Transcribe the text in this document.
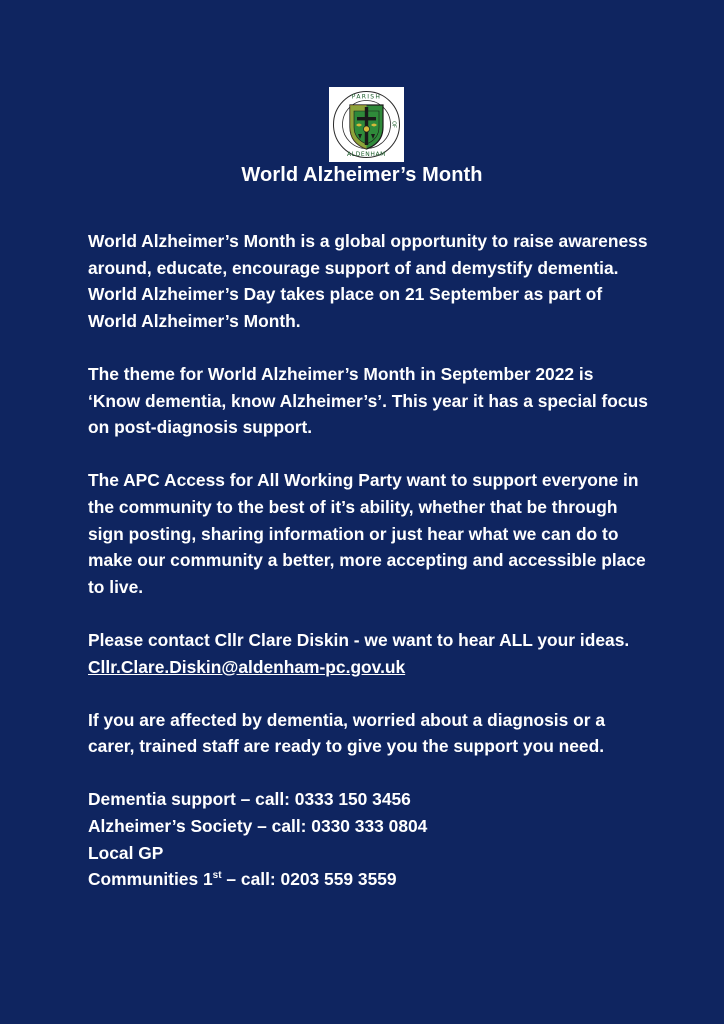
PARISH
ALDENHAM
OF
World Alzheimer’s Month

World Alzheimer’s Month is a global opportunity to raise awareness around, educate, encourage support of and demystify dementia. World Alzheimer’s Day takes place on 21 September as part of World Alzheimer’s Month.

The theme for World Alzheimer’s Month in September 2022 is ‘Know dementia, know Alzheimer’s’. This year it has a special focus on post-diagnosis support.

The APC Access for All Working Party want to support everyone in the community to the best of it’s ability, whether that be through sign posting, sharing information or just hear what we can do to make our community a better, more accepting and accessible place to live.

Please contact Cllr Clare Diskin - we want to hear ALL your ideas. Cllr.Clare.Diskin@aldenham-pc.gov.uk

If you are affected by dementia, worried about a diagnosis or a carer, trained staff are ready to give you the support you need.

Dementia support – call: 0333 150 3456

Alzheimer’s Society – call: 0330 333 0804

Local GP

Communities 1st – call: 0203 559 3559
